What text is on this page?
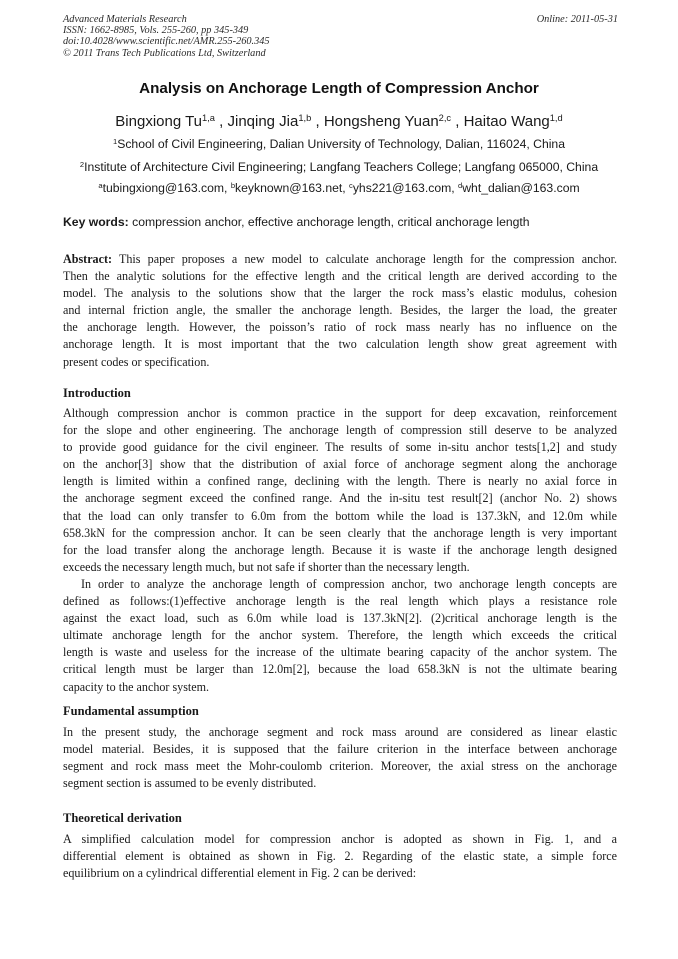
Advanced Materials Research
ISSN: 1662-8985, Vols. 255-260, pp 345-349
doi:10.4028/www.scientific.net/AMR.255-260.345
© 2011 Trans Tech Publications Ltd, Switzerland
Online: 2011-05-31
Analysis on Anchorage Length of Compression Anchor
Bingxiong Tu$^{1,a}$ , Jinqing Jia$^{1,b}$ , Hongsheng Yuan$^{2,c}$ , Haitao Wang$^{1,d}$
$^1$School of Civil Engineering, Dalian University of Technology, Dalian, 116024, China
$^2$Institute of Architecture Civil Engineering; Langfang Teachers College; Langfang 065000, China
$^a$tubingxiong@163.com, $^b$keyknown@163.net, $^c$yhs221@163.com, $^d$wht_dalian@163.com
Key words: compression anchor, effective anchorage length, critical anchorage length
Abstract: This paper proposes a new model to calculate anchorage length for the compression anchor.
Then the analytic solutions for the effective length and the critical length are derived according to the
model. The analysis to the solutions show that the larger the rock mass’s elastic modulus, cohesion
and internal friction angle, the smaller the anchorage length. Besides, the larger the load, the greater
the anchorage length. However, the poisson’s ratio of rock mass nearly has no influence on the
anchorage length. It is most important that the two calculation length show great agreement with
present codes or specification.
Introduction
Although compression anchor is common practice in the support for deep excavation, reinforcement
for the slope and other engineering. The anchorage length of compression still deserve to be analyzed
to provide good guidance for the civil engineer. The results of some in-situ anchor tests[1,2] and study
on the anchor[3] show that the distribution of axial force of anchorage segment along the anchorage
length is limited within a confined range, declining with the length. There is nearly no axial force in
the anchorage segment exceed the confined range. And the in-situ test result[2] (anchor No. 2) shows
that the load can only transfer to 6.0m from the bottom while the load is 137.3kN, and 12.0m while
658.3kN for the compression anchor. It can be seen clearly that the anchorage length is very important
for the load transfer along the anchorage length. Because it is waste if the anchorage length designed
exceeds the necessary length much, but not safe if shorter than the necessary length.
In order to analyze the anchorage length of compression anchor, two anchorage length concepts are
defined as follows:(1)effective anchorage length is the real length which plays a resistance role
against the exact load, such as 6.0m while load is 137.3kN[2]. (2)critical anchorage length is the
ultimate anchorage length for the anchor system. Therefore, the length which exceeds the critical
length is waste and useless for the increase of the ultimate bearing capacity of the anchor system. The
critical length must be larger than 12.0m[2], because the load 658.3kN is not the ultimate bearing
capacity to the anchor system.
Fundamental assumption
In the present study, the anchorage segment and rock mass around are considered as linear elastic
model material. Besides, it is supposed that the failure criterion in the interface between anchorage
segment and rock mass meet the Mohr-coulomb criterion. Moreover, the axial stress on the anchorage
segment section is assumed to be evenly distributed.
Theoretical derivation
A simplified calculation model for compression anchor is adopted as shown in Fig. 1, and a
differential element is obtained as shown in Fig. 2. Regarding of the elastic state, a simple force
equilibrium on a cylindrical differential element in Fig. 2 can be derived:
